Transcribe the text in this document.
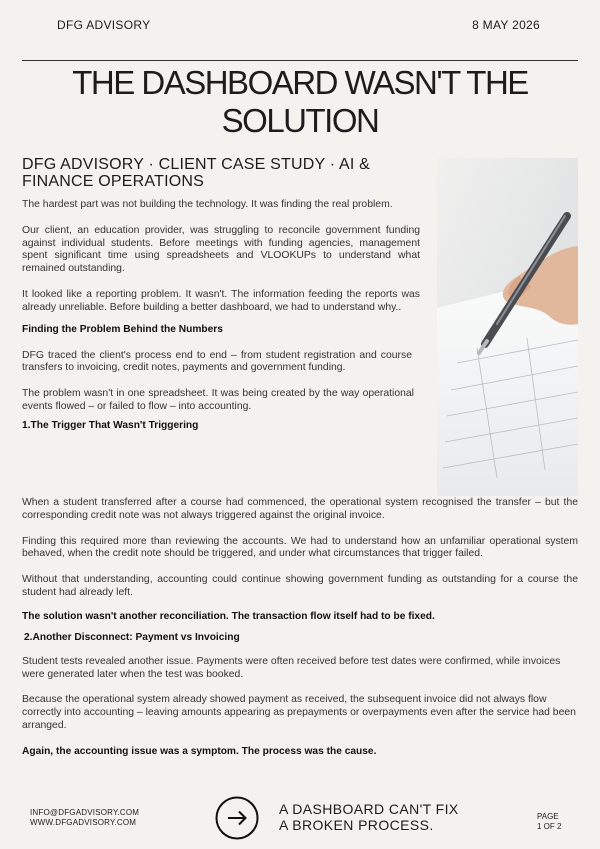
DFG ADVISORY	8 MAY 2026
THE DASHBOARD WASN'T THE SOLUTION
DFG ADVISORY · CLIENT CASE STUDY · AI & FINANCE OPERATIONS

The hardest part was not building the technology. It was finding the real problem.

Our client, an education provider, was struggling to reconcile government funding against individual students. Before meetings with funding agencies, management spent significant time using spreadsheets and VLOOKUPs to understand what remained outstanding.

It looked like a reporting problem. It wasn't. The information feeding the reports was already unreliable. Before building a better dashboard, we had to understand why..

Finding the Problem Behind the Numbers

DFG traced the client's process end to end – from student registration and course transfers to invoicing, credit notes, payments and government funding.

The problem wasn't in one spreadsheet. It was being created by the way operational events flowed – or failed to flow – into accounting.

1.The Trigger That Wasn't Triggering

When a student transferred after a course had commenced, the operational system recognised the transfer – but the corresponding credit note was not always triggered against the original invoice.

Finding this required more than reviewing the accounts. We had to understand how an unfamiliar operational system behaved, when the credit note should be triggered, and under what circumstances that trigger failed.

Without that understanding, accounting could continue showing government funding as outstanding for a course the student had already left.

The solution wasn't another reconciliation. The transaction flow itself had to be fixed.

2.Another Disconnect: Payment vs Invoicing

Student tests revealed another issue. Payments were often received before test dates were confirmed, while invoices were generated later when the test was booked.

Because the operational system already showed payment as received, the subsequent invoice did not always flow correctly into accounting – leaving amounts appearing as prepayments or overpayments even after the service had been arranged.

Again, the accounting issue was a symptom. The process was the cause.

INFO@DFGADVISORY.COM
WWW.DFGADVISORY.COM
A DASHBOARD CAN'T FIX
A BROKEN PROCESS.
PAGE
1 OF 2
